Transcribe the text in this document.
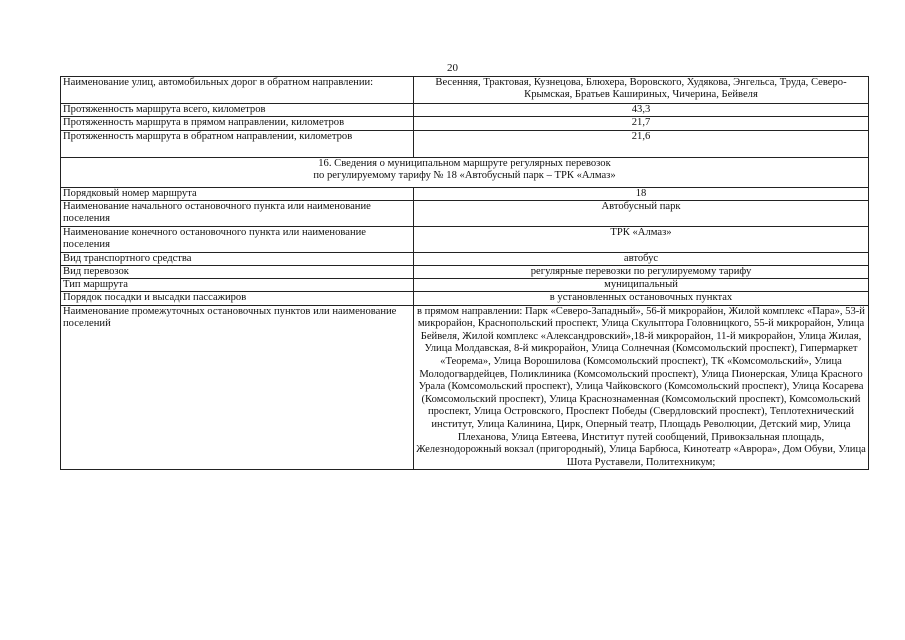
20
Наименование улиц, автомобильных дорог в обратном направлении:	Весенняя, Трактовая, Кузнецова, Блюхера, Воровского, Худякова, Энгельса, Труда, Северо-Крымская, Братьев Кашириных, Чичерина, Бейвеля
Протяженность маршрута всего, километров	43,3
Протяженность маршрута в прямом направлении, километров	21,7
Протяженность маршрута в обратном направлении, километров	21,6

16. Сведения о муниципальном маршруте регулярных перевозок
по регулируемому тарифу № 18 «Автобусный парк – ТРК «Алмаз»	

Порядковый номер маршрута	18
Наименование начального остановочного пункта или наименование поселения	Автобусный парк
Наименование конечного остановочного пункта или наименование поселения	ТРК «Алмаз»
Вид транспортного средства	автобус
Вид перевозок	регулярные перевозки по регулируемому тарифу
Тип маршрута	муниципальный
Порядок посадки и высадки пассажиров	в установленных остановочных пунктах
Наименование промежуточных остановочных пунктов или наименование поселений	в прямом направлении: Парк «Северо-Западный», 56-й микрорайон, Жилой комплекс «Пара», 53-й микрорайон, Краснопольский проспект, Улица Скульптора Головницкого, 55-й микрорайон, Улица Бейвеля, Жилой комплекс «Александровский»,18-й микрорайон, 11-й микрорайон, Улица Жилая, Улица Молдавская, 8-й микрорайон, Улица Солнечная (Комсомольский проспект), Гипермаркет «Теорема», Улица Ворошилова (Комсомольский проспект), ТК «Комсомольский», Улица Молодогвардейцев, Поликлиника (Комсомольский проспект), Улица Пионерская, Улица Красного Урала (Комсомольский проспект), Улица Чайковского (Комсомольский проспект), Улица Косарева (Комсомольский проспект), Улица Краснознаменная (Комсомольский проспект), Комсомольский проспект, Улица Островского, Проспект Победы (Свердловский проспект), Теплотехнический институт, Улица Калинина, Цирк, Оперный театр, Площадь Революции, Детский мир, Улица Плеханова, Улица Евтеева, Институт путей сообщений, Привокзальная площадь, Железнодорожный вокзал (пригородный), Улица Барбюса, Кинотеатр «Аврора», Дом Обуви, Улица Шота Руставели, Политехникум;
